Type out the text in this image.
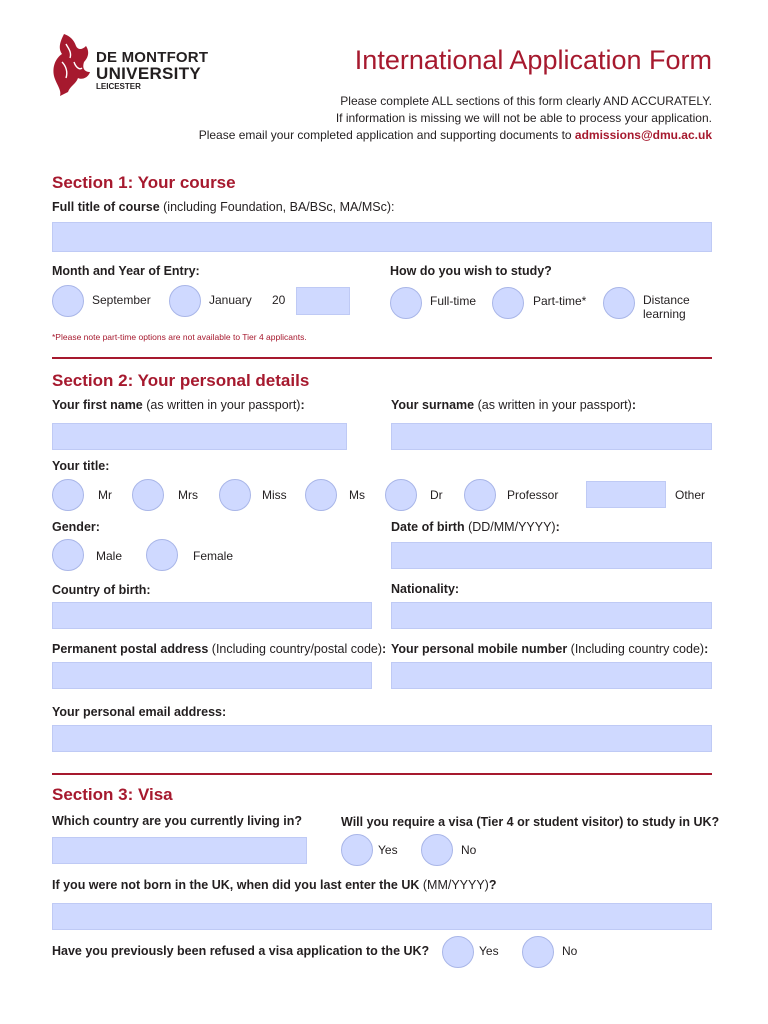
DE MONTFORT
UNIVERSITY
LEICESTER
International Application Form
Please complete ALL sections of this form clearly AND ACCURATELY.
If information is missing we will not be able to process your application.
Please email your completed application and supporting documents to admissions@dmu.ac.uk
Section 1: Your course
Full title of course (including Foundation, BA/BSc, MA/MSc):
Month and Year of Entry:
September	January 20
How do you wish to study?
Full-time	Part-time*	Distance
learning
*Please note part-time options are not available to Tier 4 applicants.
Section 2: Your personal details
Your first name (as written in your passport):	Your surname (as written in your passport):
Your title:
Mr	Mrs	Miss	Ms	Dr	Professor	Other
Gender:
Male	Female
Date of birth (DD/MM/YYYY):
Country of birth:	Nationality:
Permanent postal address (Including country/postal code): Your personal mobile number (Including country code):
Your personal email address:
Section 3: Visa
Which country are you currently living in?	Will you require a visa (Tier 4 or student visitor) to study in UK?
Yes	No
If you were not born in the UK, when did you last enter the UK (MM/YYYY)?
Have you previously been refused a visa application to the UK?	Yes	No
